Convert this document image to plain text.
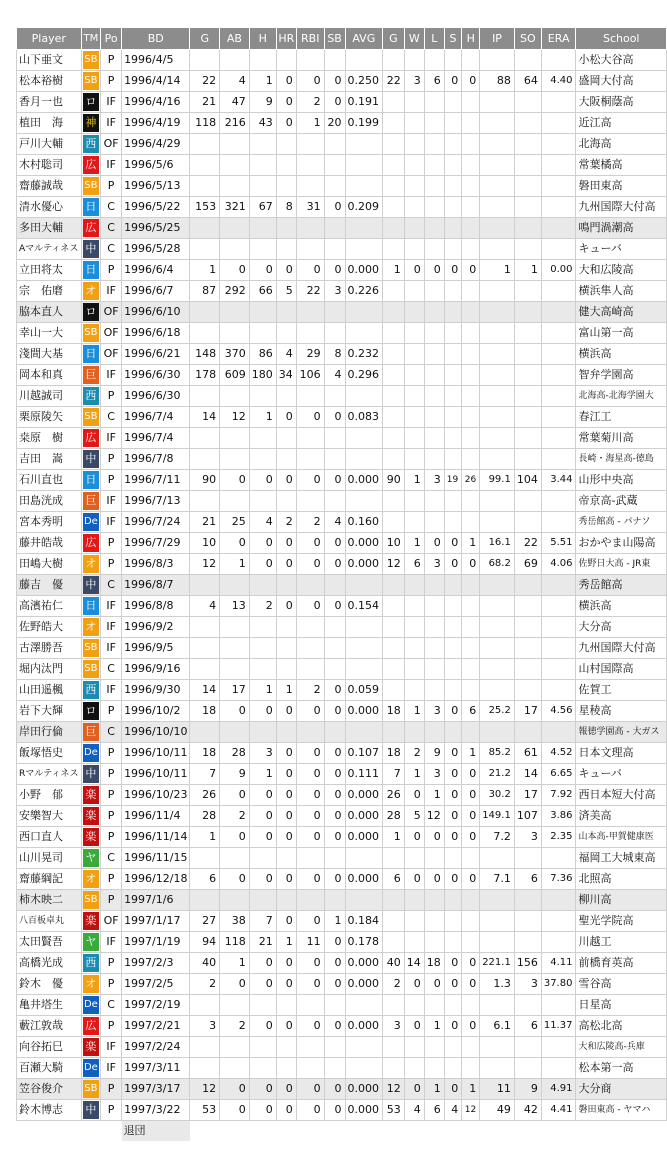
Player	TM	Po	BD	G	AB	H	HR	RBI	SB	AVG	G	W	L	S	H	IP	SO	ERA	School
山下亜文	SB	P	1996/4/5																小松大谷高
松本裕樹	SB	P	1996/4/14	22	4	1	0	0	0	0.250	22	3	6	0	0	88	64	4.40	盛岡大付高
香月一也	ロ	IF	1996/4/16	21	47	9	0	2	0	0.191									大阪桐蔭高
植田　海	神	IF	1996/4/19	118	216	43	0	1	20	0.199									近江高
戸川大輔	西	OF	1996/4/29																北海高
木村聡司	広	IF	1996/5/6																常葉橘高
齋藤誠哉	SB	P	1996/5/13																磐田東高
清水優心	日	C	1996/5/22	153	321	67	8	31	0	0.209									九州国際大付高
多田大輔	広	C	1996/5/25																鳴門渦潮高
Aマルティネス	中	C	1996/5/28																キューバ
立田将太	日	P	1996/6/4	1	0	0	0	0	0	0.000	1	0	0	0	0	1	1	0.00	大和広陵高
宗　佑磨	オ	IF	1996/6/7	87	292	66	5	22	3	0.226									横浜隼人高
脇本直人	ロ	OF	1996/6/10																健大高崎高
幸山一大	SB	OF	1996/6/18																富山第一高
淺間大基	日	OF	1996/6/21	148	370	86	4	29	8	0.232									横浜高
岡本和真	巨	IF	1996/6/30	178	609	180	34	106	4	0.296									智弁学園高
川越誠司	西	P	1996/6/30																北海高-北海学園大
栗原陵矢	SB	C	1996/7/4	14	12	1	0	0	0	0.083									春江工
桒原　樹	広	IF	1996/7/4																常葉菊川高
吉田　嵩	中	P	1996/7/8																長崎・海星高-徳島
石川直也	日	P	1996/7/11	90	0	0	0	0	0	0.000	90	1	3	19	26	99.1	104	3.44	山形中央高
田島洸成	巨	IF	1996/7/13																帝京高-武蔵
宮本秀明	De	IF	1996/7/24	21	25	4	2	2	4	0.160									秀岳館高 - パナソ
藤井皓哉	広	P	1996/7/29	10	0	0	0	0	0	0.000	10	1	0	0	1	16.1	22	5.51	おかやま山陽高
田嶋大樹	オ	P	1996/8/3	12	1	0	0	0	0	0.000	12	6	3	0	0	68.2	69	4.06	佐野日大高 - JR東
藤吉　優	中	C	1996/8/7																秀岳館高
高濱祐仁	日	IF	1996/8/8	4	13	2	0	0	0	0.154									横浜高
佐野皓大	オ	IF	1996/9/2																大分高
古澤勝吾	SB	IF	1996/9/5																九州国際大付高
堀内汰門	SB	C	1996/9/16																山村国際高
山田遥楓	西	IF	1996/9/30	14	17	1	1	2	0	0.059									佐賀工
岩下大輝	ロ	P	1996/10/2	18	0	0	0	0	0	0.000	18	1	3	0	6	25.2	17	4.56	星稜高
岸田行倫	巨	C	1996/10/10																報徳学園高 - 大ガス
飯塚悟史	De	P	1996/10/11	18	28	3	0	0	0	0.107	18	2	9	0	1	85.2	61	4.52	日本文理高
Rマルティネス	中	P	1996/10/11	7	9	1	0	0	0	0.111	7	1	3	0	0	21.2	14	6.65	キューバ
小野　郁	楽	P	1996/10/23	26	0	0	0	0	0	0.000	26	0	1	0	0	30.2	17	7.92	西日本短大付高
安樂智大	楽	P	1996/11/4	28	2	0	0	0	0	0.000	28	5	12	0	0	149.1	107	3.86	済美高
西口直人	楽	P	1996/11/14	1	0	0	0	0	0	0.000	1	0	0	0	0	7.2	3	2.35	山本高-甲賀健康医
山川晃司	ヤ	C	1996/11/15																福岡工大城東高
齋藤綱記	オ	P	1996/12/18	6	0	0	0	0	0	0.000	6	0	0	0	0	7.1	6	7.36	北照高
柿木映二	SB	P	1997/1/6																柳川高
八百板卓丸	楽	OF	1997/1/17	27	38	7	0	0	1	0.184									聖光学院高
太田賢吾	ヤ	IF	1997/1/19	94	118	21	1	11	0	0.178									川越工
高橋光成	西	P	1997/2/3	40	1	0	0	0	0	0.000	40	14	18	0	0	221.1	156	4.11	前橋育英高
鈴木　優	オ	P	1997/2/5	2	0	0	0	0	0	0.000	2	0	0	0	0	1.3	3	37.80	雪谷高
亀井塔生	De	C	1997/2/19																日星高
藪江敦哉	広	P	1997/2/21	3	2	0	0	0	0	0.000	3	0	1	0	0	6.1	6	11.37	高松北高
向谷拓巳	楽	IF	1997/2/24																大和広陵高-兵庫
百瀬大騎	De	IF	1997/3/11																松本第一高
笠谷俊介	SB	P	1997/3/17	12	0	0	0	0	0	0.000	12	0	1	0	1	11	9	4.91	大分商
鈴木博志	中	P	1997/3/22	53	0	0	0	0	0	0.000	53	4	6	4	12	49	42	4.41	磐田東高 - ヤマハ
			退団																
